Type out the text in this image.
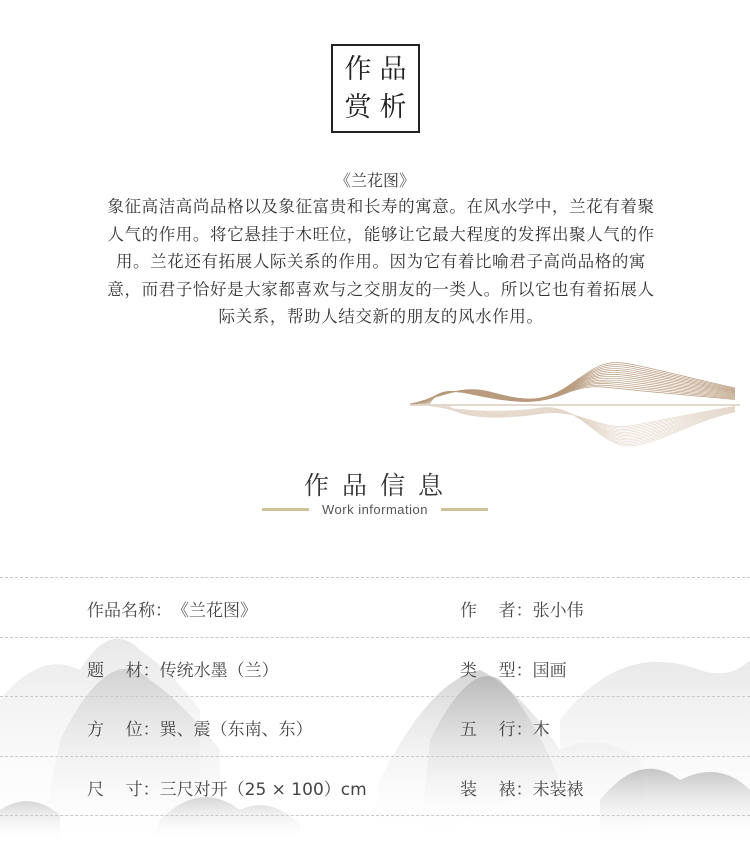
作品
赏析
《兰花图》
象征高洁高尚品格以及象征富贵和长寿的寓意。在风水学中，兰花有着聚人气的作用。将它悬挂于木旺位，能够让它最大程度的发挥出聚人气的作用。兰花还有拓展人际关系的作用。因为它有着比喻君子高尚品格的寓意，而君子恰好是大家都喜欢与之交朋友的一类人。所以它也有着拓展人际关系，帮助人结交新的朋友的风水作用。
作品信息
Work information
作品名称： 《兰花图》	作    者： 张小伟
题    材： 传统水墨（兰）	类    型： 国画
方    位： 巽、震（东南、东）	五    行： 木
尺    寸： 三尺对开（25 × 100）cm	装    裱： 未装裱
